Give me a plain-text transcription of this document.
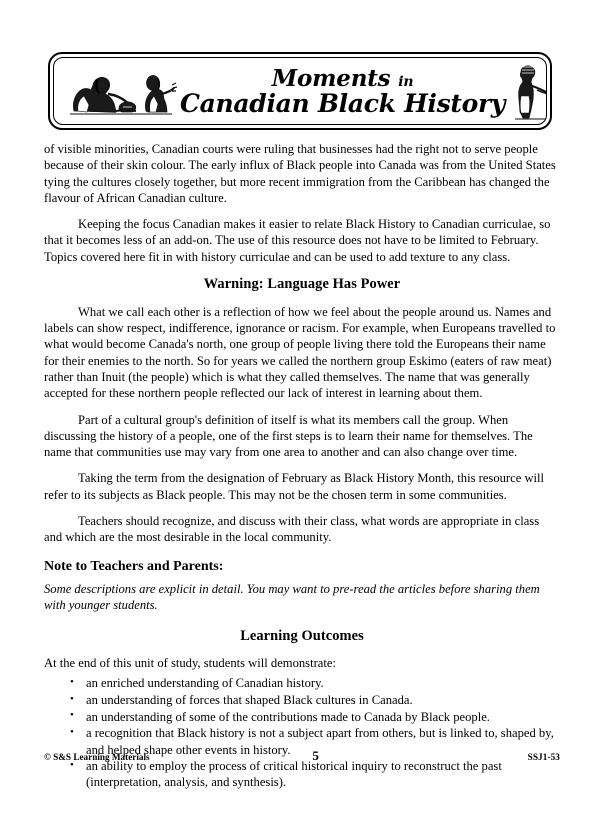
Moments in
Canadian Black History

of visible minorities, Canadian courts were ruling that businesses had the right not to serve people because of their skin colour. The early influx of Black people into Canada was from the United States tying the cultures closely together, but more recent immigration from the Caribbean has changed the flavour of African Canadian culture.

Keeping the focus Canadian makes it easier to relate Black History to Canadian curriculae, so that it becomes less of an add-on. The use of this resource does not have to be limited to February. Topics covered here fit in with history curriculae and can be used to add texture to any class.

Warning: Language Has Power

What we call each other is a reflection of how we feel about the people around us. Names and labels can show respect, indifference, ignorance or racism. For example, when Europeans travelled to what would become Canada's north, one group of people living there told the Europeans their name for their enemies to the north. So for years we called the northern group Eskimo (eaters of raw meat) rather than Inuit (the people) which is what they called themselves. The name that was generally accepted for these northern people reflected our lack of interest in learning about them.

Part of a cultural group's definition of itself is what its members call the group. When discussing the history of a people, one of the first steps is to learn their name for themselves. The name that communities use may vary from one area to another and can also change over time.

Taking the term from the designation of February as Black History Month, this resource will refer to its subjects as Black people. This may not be the chosen term in some communities.

Teachers should recognize, and discuss with their class, what words are appropriate in class and which are the most desirable in the local community.

Note to Teachers and Parents:

Some descriptions are explicit in detail. You may want to pre-read the articles before sharing them with younger students.

Learning Outcomes

At the end of this unit of study, students will demonstrate:

• an enriched understanding of Canadian history.
• an understanding of forces that shaped Black cultures in Canada.
• an understanding of some of the contributions made to Canada by Black people.
• a recognition that Black history is not a subject apart from others, but is linked to, shaped by, and helped shape other events in history.
• an ability to employ the process of critical historical inquiry to reconstruct the past (interpretation, analysis, and synthesis).
© S&S Learning Materials	5	SSJ1-53
